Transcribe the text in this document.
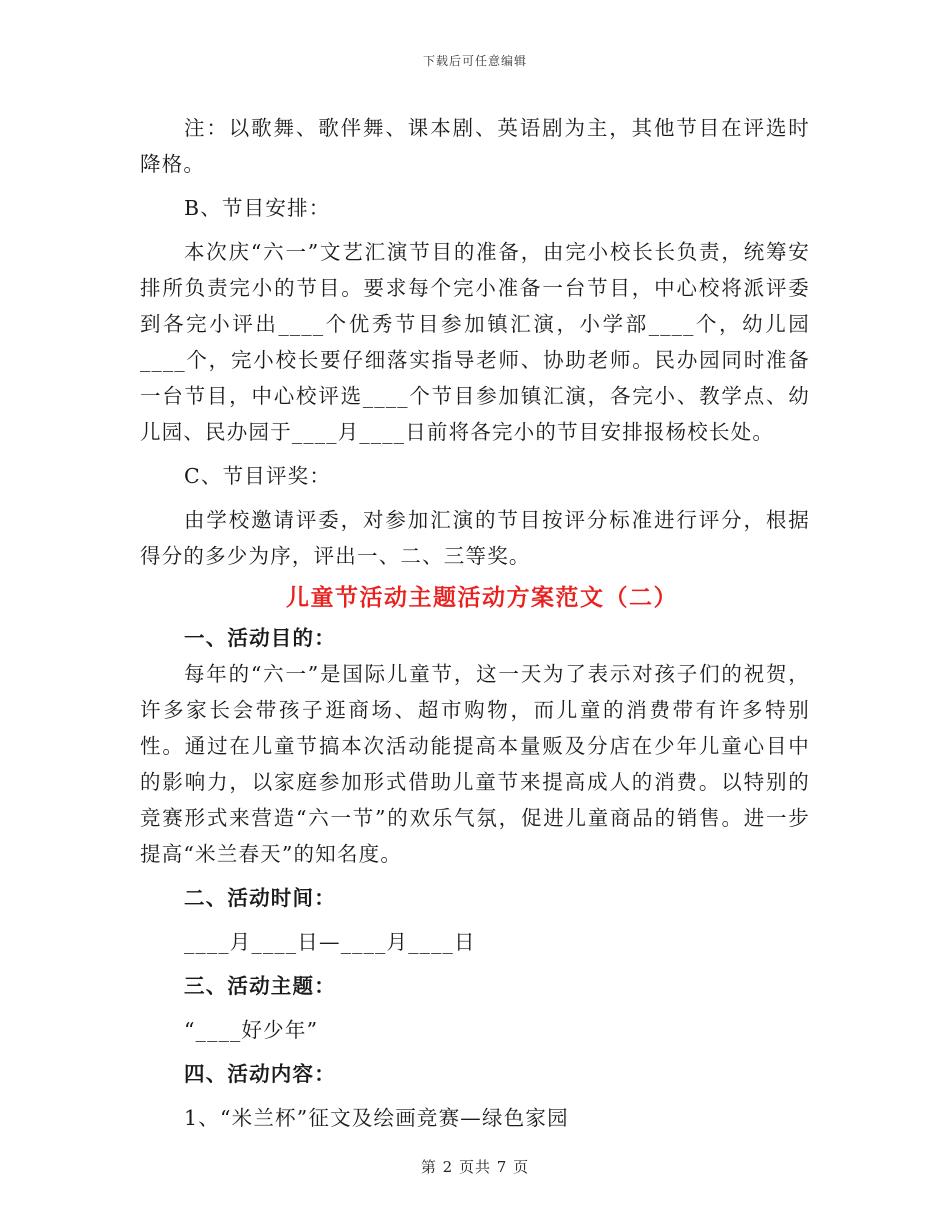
下载后可任意编辑

注：以歌舞、歌伴舞、课本剧、英语剧为主，其他节目在评选时降格。

B、节目安排：

本次庆“六一”文艺汇演节目的准备，由完小校长长负责，统筹安排所负责完小的节目。要求每个完小准备一台节目，中心校将派评委到各完小评出____个优秀节目参加镇汇演，小学部____个，幼儿园____个，完小校长要仔细落实指导老师、协助老师。民办园同时准备一台节目，中心校评选____个节目参加镇汇演，各完小、教学点、幼儿园、民办园于____月____日前将各完小的节目安排报杨校长处。

C、节目评奖：

由学校邀请评委，对参加汇演的节目按评分标准进行评分，根据得分的多少为序，评出一、二、三等奖。

儿童节活动主题活动方案范文（二）

一、活动目的：

每年的“六一”是国际儿童节，这一天为了表示对孩子们的祝贺，许多家长会带孩子逛商场、超市购物，而儿童的消费带有许多特别性。通过在儿童节搞本次活动能提高本量贩及分店在少年儿童心目中的影响力，以家庭参加形式借助儿童节来提高成人的消费。以特别的竞赛形式来营造“六一节”的欢乐气氛，促进儿童商品的销售。进一步提高“米兰春天”的知名度。

二、活动时间：

____月____日—____月____日

三、活动主题：

“____好少年”

四、活动内容：

1、“米兰杯”征文及绘画竞赛—绿色家园

第 2 页共 7 页
